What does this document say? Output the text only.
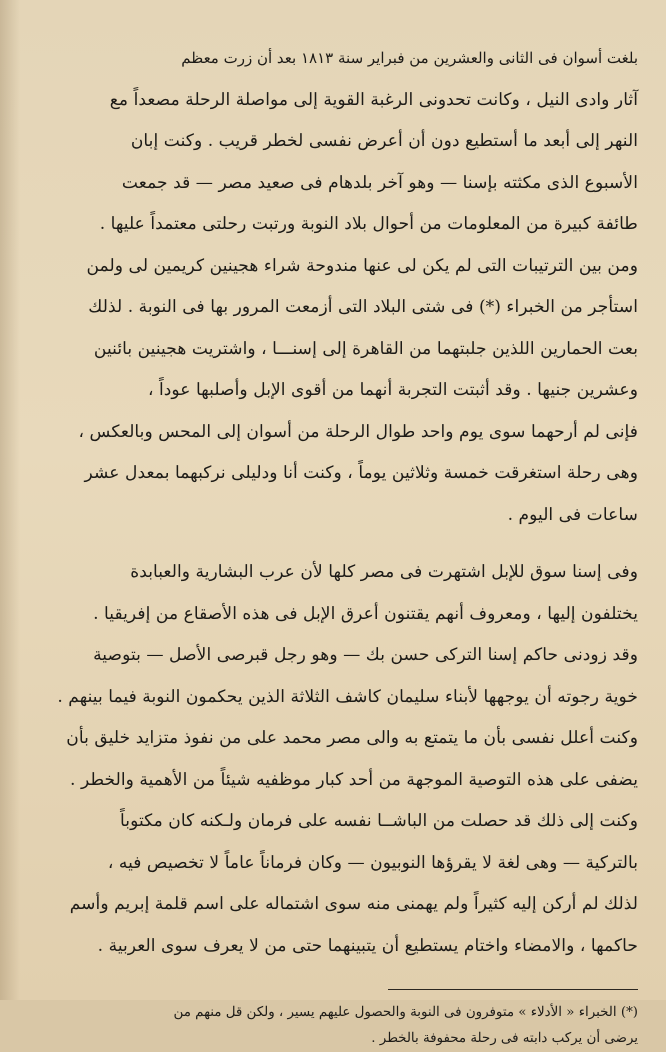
بلغت أسوان فى الثانى والعشرين من فبراير سنة ١٨١٣ بعد أن زرت معظم
آثار وادى النيل ، وكانت تحدونى الرغبة القوية إلى مواصلة الرحلة مصعداً مع
النهر إلى أبعد ما أستطيع دون أن أعرض نفسى لخطر قريب . وكنت إبان
الأسبوع الذى مكثته بإسنا — وهو آخر بلدهام فى صعيد مصر — قد جمعت
طائفة كبيرة من المعلومات من أحوال بلاد النوبة ورتبت رحلتى معتمداً عليها .
ومن بين الترتيبات التى لم يكن لى عنها مندوحة شراء هجينين كريمين لى ولمن
استأجر من الخبراء (*) فى شتى البلاد التى أزمعت المرور بها فى النوبة . لذلك
بعت الحمارين اللذين جلبتهما من القاهرة إلى إسنـــا ، واشتريت هجينين بائنين
وعشرين جنيها . وقد أثبتت التجربة أنهما من أقوى الإبل وأصلبها عوداً ،
فإنى لم أرحهما سوى يوم واحد طوال الرحلة من أسوان إلى المحس وبالعكس ،
وهى رحلة استغرقت خمسة وثلاثين يوماً ، وكنت أنا ودليلى نركبهما بمعدل عشر
ساعات فى اليوم .
وفى إسنا سوق للإبل اشتهرت فى مصر كلها لأن عرب البشارية والعبابدة
يختلفون إليها ، ومعروف أنهم يقتنون أعرق الإبل فى هذه الأصقاع من إفريقيا .
وقد زودنى حاكم إسنا التركى حسن بك — وهو رجل قبرصى الأصل — بتوصية
خوية رجوته أن يوجهها لأبناء سليمان كاشف الثلاثة الذين يحكمون النوبة فيما بينهم .
وكنت أعلل نفسى بأن ما يتمتع به والى مصر محمد على من نفوذ متزايد خليق بأن
يضفى على هذه التوصية الموجهة من أحد كبار موظفيه شيئاً من الأهمية والخطر .
وكنت إلى ذلك قد حصلت من الباشــا نفسه على فرمان ولـكنه كان مكتوباً
بالتركية — وهى لغة لا يقرؤها النوبيون — وكان فرماناً عاماً لا تخصيص فيه ،
لذلك لم أركن إليه كثيراً ولم يهمنى منه سوى اشتماله على اسم قلمة إبريم وأسم
حاكمها ، والامضاء واختام يستطيع أن يتبينهما حتى من لا يعرف سوى العربية .
(*) الخبراء « الأدلاء » متوفرون فى النوبة والحصول عليهم يسير ، ولكن قل منهم من
يرضى أن يركب دابته فى رحلة محفوفة بالخطر .
